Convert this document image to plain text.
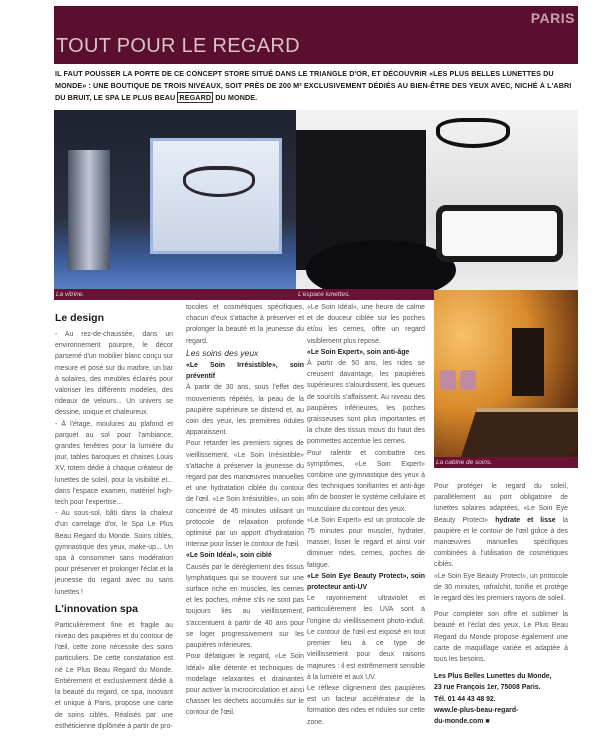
PARIS
TOUT POUR LE REGARD
IL FAUT POUSSER LA PORTE DE CE CONCEPT STORE SITUÉ DANS LE TRIANGLE D'OR, ET DÉCOUVRIR «LES PLUS BELLES LUNETTES DU MONDE» : UNE BOUTIQUE DE TROIS NIVEAUX, SOIT PRÈS DE 200 M² EXCLUSIVEMENT DÉDIÉS AU BIEN-ÊTRE DES YEUX AVEC, NICHÉ À L'ABRI DU BRUIT, LE SPA LE PLUS BEAU REGARD DU MONDE.
La vitrine.	L'espace lunettes.
La cabine de soins.
Le design

- Au rez-de-chaussée, dans un environnement pourpre, le décor parsemé d'un mobilier blanc conçu sur mesure et posé sur du marbre, un bar à solaires, des meubles éclairés pour valoriser les différents modèles, des rideaux de velours... Un univers se dessine, unique et chaleureux.

- À l'étage, moulures au plafond et parquet au sol pour l'ambiance, grandes fenêtres pour la lumière du jour, tables baroques et chaises Louis XV, totem dédié à chaque créateur de lunettes de soleil, pour la visibilité et... dans l'espace examen, matériel high-tech pour l'expertise...

- Au sous-sol, bâti dans la chaleur d'un carrelage d'or, le Spa Le Plus Beau Regard du Monde. Soins ciblés, gymnastique des yeux, make-up... Un spa à consommer sans modération pour préserver et prolonger l'éclat et la jeunesse du regard avec ou sans lunettes !

L'innovation spa

Particulièrement fine et fragile au niveau des paupières et du contour de l'œil, cette zone nécessite des soins particuliers. De cette constatation est né Le Plus Beau Regard du Monde. Entièrement et exclusivement dédié à la beauté du regard, ce spa, innovant et unique à Paris, propose une carte de soins ciblés. Réalisés par une esthéticienne diplômée à partir de pro-

tocoles et cosmétiques spécifiques, chacun d'eux s'attache à préserver et prolonger la beauté et la jeunesse du regard.

Les soins des yeux

«Le Soin Irrésistible», soin préventif

À partir de 30 ans, sous l'effet des mouvements répétés, la peau de la paupière supérieure se distend et, au coin des yeux, les premières ridules apparaissent.

Pour retarder les premiers signes de vieillissement, «Le Soin Irrésistible» s'attache à préserver la jeunesse du regard par des manœuvres manuelles et une hydratation ciblée du contour de l'œil. «Le Soin Irrésistible», un soin concentré de 45 minutes utilisant un protocole de relaxation profonde optimisé par un apport d'hydratation intense pour lisser le contour de l'œil.

«Le Soin Idéal», soin ciblé

Causés par le dérèglement des tissus lymphatiques qui se trouvent sur une surface riche en muscles, les cernes et les poches, même s'ils ne sont pas toujours liés au vieillissement, s'accentuent à partir de 40 ans pour se loger progressivement sur les paupières inférieures.

Pour défatiguer le regard, «Le Soin Idéal» allie détente et techniques de modelage relaxantes et drainantes pour activer la microcirculation et ainsi chasser les déchets accumulés sur le contour de l'œil.

«Le Soin Idéal», une heure de calme et de douceur ciblée sur les poches et/ou les cernes, offre un regard visiblement plus reposé.

«Le Soin Expert», soin anti-âge

À partir de 50 ans, les rides se creusent davantage, les paupières supérieures s'alourdissent, les queues de sourcils s'affaissent. Au niveau des paupières inférieures, les poches graisseuses sont plus importantes et la chute des tissus mous du haut des pommettes accentue les cernes.

Pour ralentir et combattre ces symptômes, «Le Soin Expert» combine une gymnastique des yeux à des techniques tonifiantes et anti-âge afin de booster le système cellulaire et musculaire du contour des yeux.

«Le Soin Expert» est un protocole de 75 minutes pour muscler, hydrater, masser, lisser le regard et ainsi voir diminuer rides, cernes, poches de fatigue.

«Le Soin Eye Beauty Protect», soin protecteur anti-UV

Le rayonnement ultraviolet et particulièrement les UVA sont à l'origine du vieillissement photo-induit. Le contour de l'œil est exposé en tout premier lieu à ce type de vieillissement pour deux raisons majeures : il est extrêmement sensible à la lumière et aux UV.

Le réflexe clignement des paupières est un facteur accélérateur de la formation des rides et ridules sur cette zone.

Pour protéger le regard du soleil, parallèlement au port obligatoire de lunettes solaires adaptées, «Le Soin Eye Beauty Protect» hydrate et lisse la paupière et le contour de l'œil grâce à des manœuvres manuelles spécifiques combinées à l'utilisation de cosmétiques ciblés.

«Le Soin Eye Beauty Protect», un protocole de 30 minutes, rafraîchit, tonifie et protège le regard dès les premiers rayons de soleil.

Pour compléter son offre et sublimer la beauté et l'éclat des yeux, Le Plus Beau Regard du Monde propose également une carte de maquillage variée et adaptée à tous les besoins.

Les Plus Belles Lunettes du Monde,
23 rue François 1er, 75008 Paris.
Tél. 01 44 43 48 92.
www.le-plus-beau-regard-
du-monde.com ■
